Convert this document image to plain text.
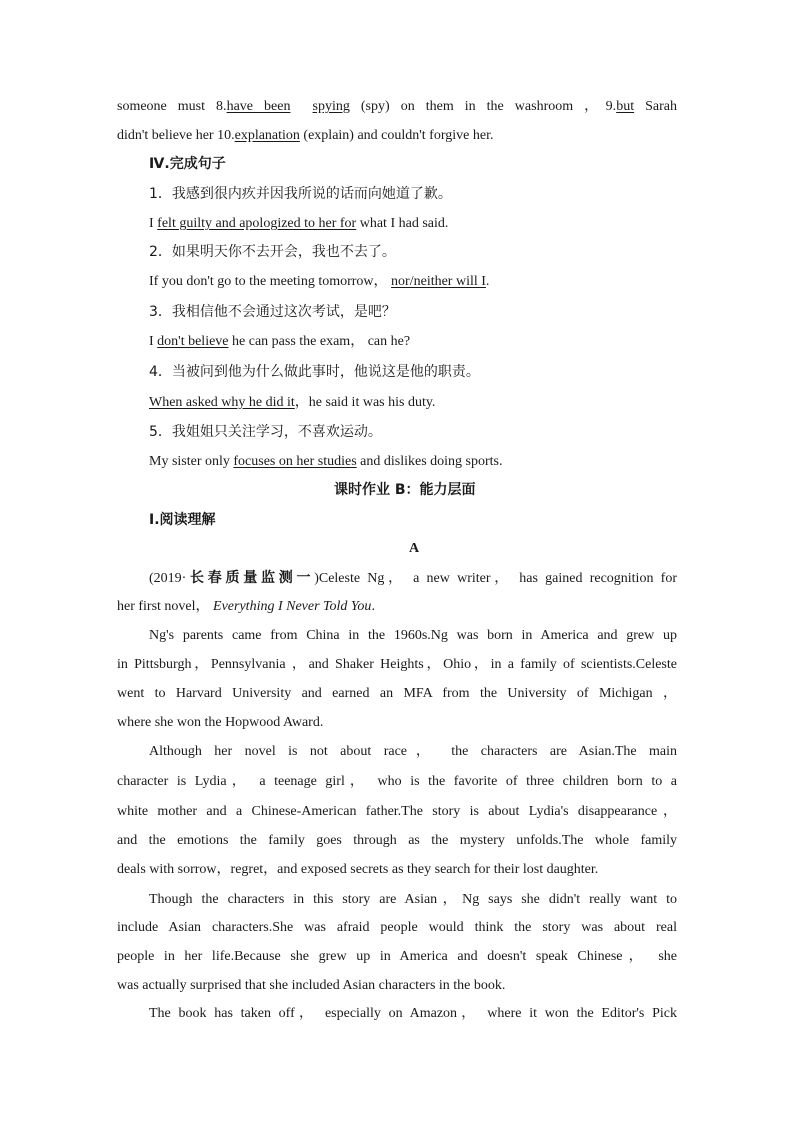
someone must 8.have been spying (spy) on them in the washroom ，9.but Sarah
didn't believe her 10.explanation (explain) and couldn't forgive her.
Ⅳ.完成句子
1．我感到很内疚并因我所说的话而向她道了歉。
I felt guilty and apologized to her for what I had said.
2．如果明天你不去开会，我也不去了。
If you don't go to the meeting tomorrow， nor/neither will I.
3．我相信他不会通过这次考试，是吧？
I don't believe he can pass the exam， can he?
4．当被问到他为什么做此事时，他说这是他的职责。
When asked why he did it，he said it was his duty.
5．我姐姐只关注学习，不喜欢运动。
My sister only focuses on her studies and dislikes doing sports.
课时作业 B：能力层面
Ⅰ.阅读理解
A
(2019·长春质量监测一)Celeste Ng， a new writer， has gained recognition for
her first novel， Everything I Never Told You.
Ng's parents came from China in the 1960s.Ng was born in America and grew up
in Pittsburgh，Pennsylvania ，and Shaker Heights，Ohio，in a family of scientists.Celeste
went to Harvard University and earned an MFA from the University of Michigan ，
where she won the Hopwood Award.
Although her novel is not about race， the characters are Asian.The main
character is Lydia， a teenage girl， who is the favorite of three children born to a
white mother and a Chinese-American father.The story is about Lydia's disappearance，
and the emotions the family goes through as the mystery unfolds.The whole family
deals with sorrow，regret，and exposed secrets as they search for their lost daughter.
Though the characters in this story are Asian，Ng says she didn't really want to
include Asian characters.She was afraid people would think the story was about real
people in her life.Because she grew up in America and doesn't speak Chinese， she
was actually surprised that she included Asian characters in the book.
The book has taken off， especially on Amazon， where it won the Editor's Pick
